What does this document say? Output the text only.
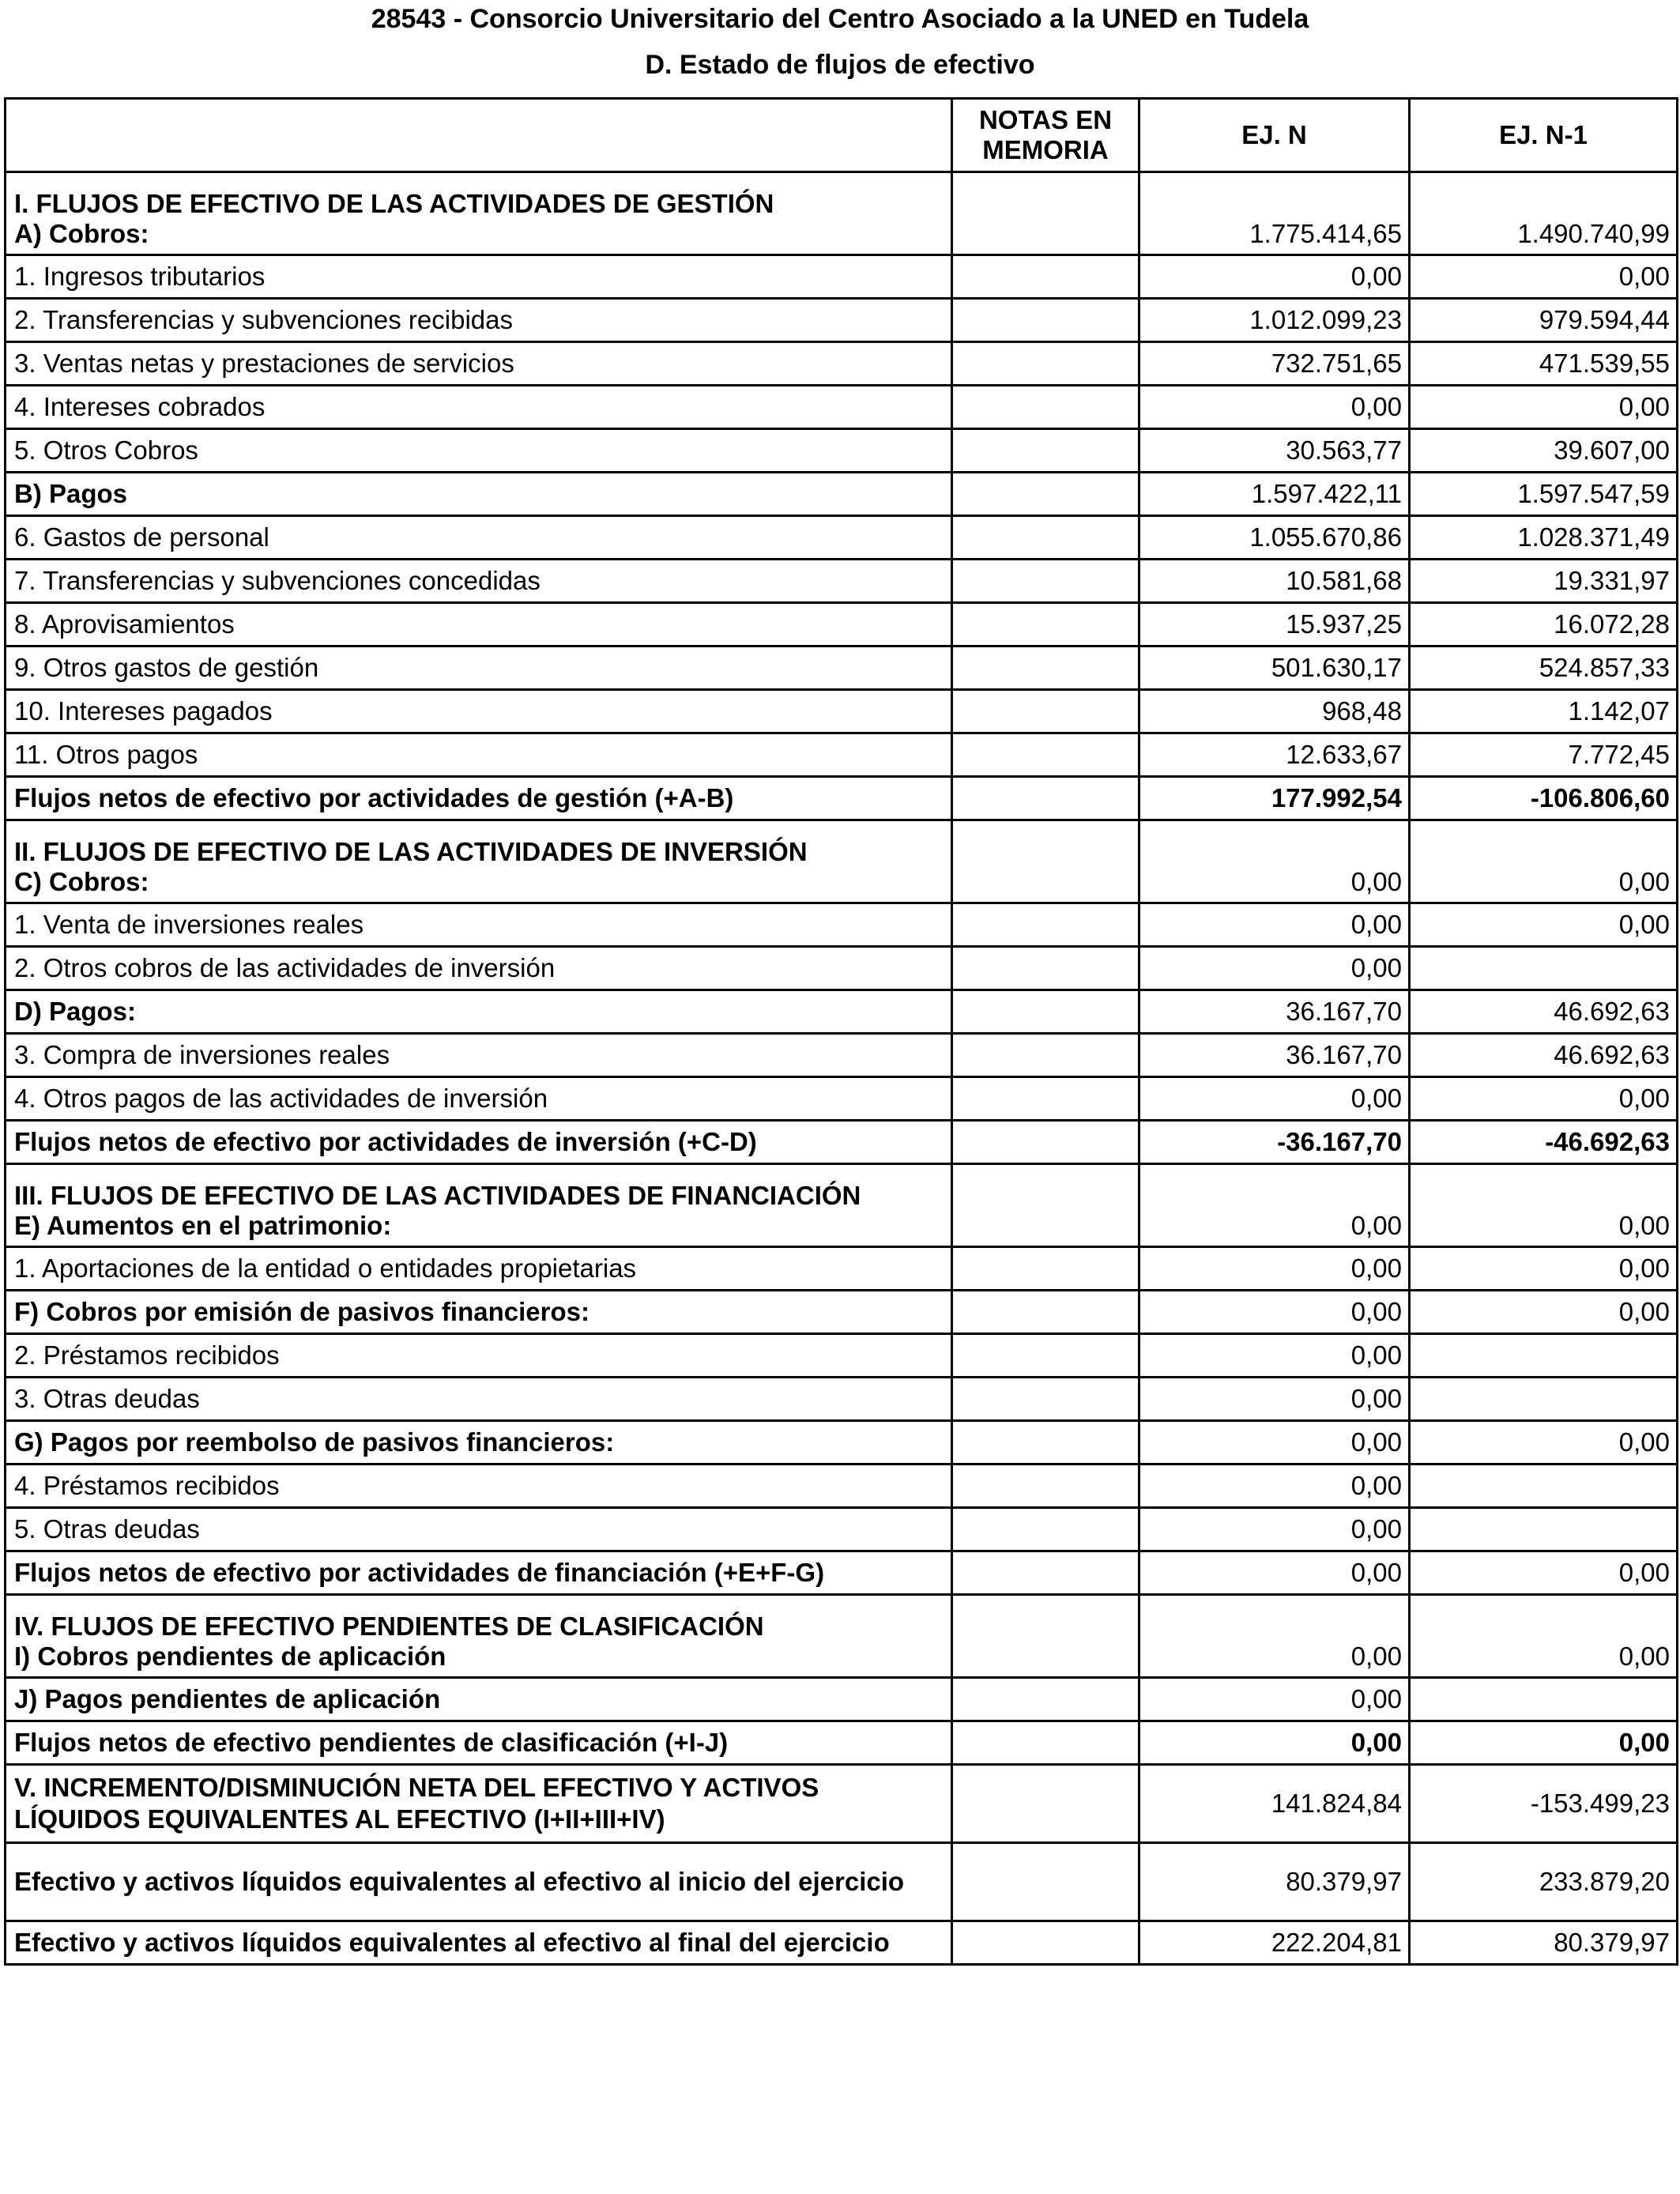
28543 - Consorcio Universitario del Centro Asociado a la UNED en Tudela
D. Estado de flujos de efectivo
	NOTAS EN MEMORIA	EJ. N	EJ. N-1

I. FLUJOS DE EFECTIVO DE LAS ACTIVIDADES DE GESTIÓN
A) Cobros:		1.775.414,65	1.490.740,99
1. Ingresos tributarios		0,00	0,00
2. Transferencias y subvenciones recibidas		1.012.099,23	979.594,44
3. Ventas netas y prestaciones de servicios		732.751,65	471.539,55
4. Intereses cobrados		0,00	0,00
5. Otros Cobros		30.563,77	39.607,00
B) Pagos		1.597.422,11	1.597.547,59
6. Gastos de personal		1.055.670,86	1.028.371,49
7. Transferencias y subvenciones concedidas		10.581,68	19.331,97
8. Aprovisamientos		15.937,25	16.072,28
9. Otros gastos de gestión		501.630,17	524.857,33
10. Intereses pagados		968,48	1.142,07
11. Otros pagos		12.633,67	7.772,45
Flujos netos de efectivo por actividades de gestión (+A-B)		177.992,54	-106.806,60

II. FLUJOS DE EFECTIVO DE LAS ACTIVIDADES DE INVERSIÓN
C) Cobros:		0,00	0,00
1. Venta de inversiones reales		0,00	0,00
2. Otros cobros de las actividades de inversión		0,00	
D) Pagos:		36.167,70	46.692,63
3. Compra de inversiones reales		36.167,70	46.692,63
4. Otros pagos de las actividades de inversión		0,00	0,00
Flujos netos de efectivo por actividades de inversión (+C-D)		-36.167,70	-46.692,63

III. FLUJOS DE EFECTIVO DE LAS ACTIVIDADES DE FINANCIACIÓN
E) Aumentos en el patrimonio:		0,00	0,00
1. Aportaciones de la entidad o entidades propietarias		0,00	0,00
F) Cobros por emisión de pasivos financieros:		0,00	0,00
2. Préstamos recibidos		0,00	
3. Otras deudas		0,00	
G) Pagos por reembolso de pasivos financieros:		0,00	0,00
4. Préstamos recibidos		0,00	
5. Otras deudas		0,00	
Flujos netos de efectivo por actividades de financiación (+E+F-G)		0,00	0,00

IV. FLUJOS DE EFECTIVO PENDIENTES DE CLASIFICACIÓN
I) Cobros pendientes de aplicación		0,00	0,00
J) Pagos pendientes de aplicación		0,00	
Flujos netos de efectivo pendientes de clasificación (+I-J)		0,00	0,00
V. INCREMENTO/DISMINUCIÓN NETA DEL EFECTIVO Y ACTIVOS LÍQUIDOS EQUIVALENTES AL EFECTIVO (I+II+III+IV)		141.824,84	-153.499,23
Efectivo y activos líquidos equivalentes al efectivo al inicio del ejercicio		80.379,97	233.879,20
Efectivo y activos líquidos equivalentes al efectivo al final del ejercicio		222.204,81	80.379,97
